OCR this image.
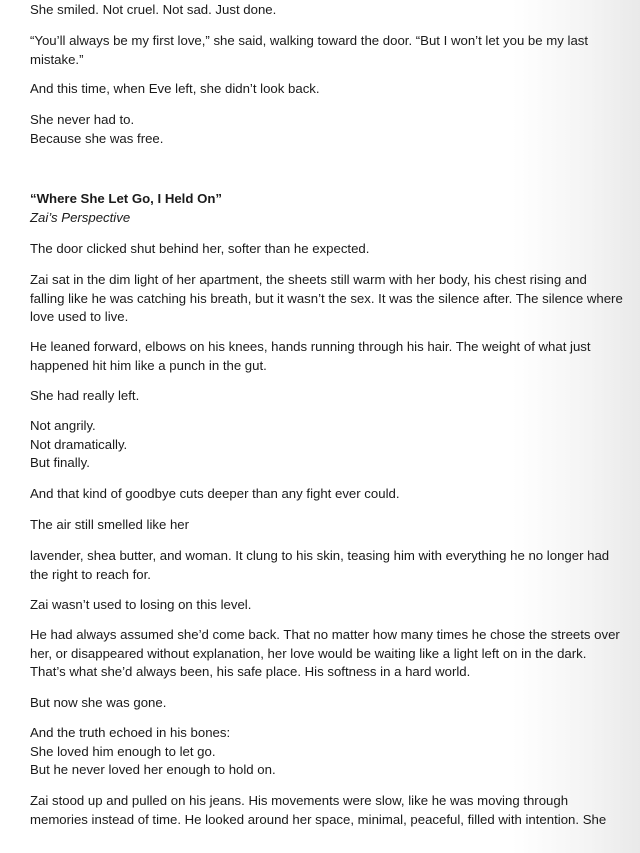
She smiled. Not cruel. Not sad. Just done.
“You’ll always be my first love,” she said, walking toward the door. “But I won’t let you be my last
mistake.”
And this time, when Eve left, she didn’t look back.
She never had to.
Because she was free.
“Where She Let Go, I Held On”
Zai’s Perspective
The door clicked shut behind her, softer than he expected.
Zai sat in the dim light of her apartment, the sheets still warm with her body, his chest rising and
falling like he was catching his breath, but it wasn’t the sex. It was the silence after. The silence where
love used to live.
He leaned forward, elbows on his knees, hands running through his hair. The weight of what just
happened hit him like a punch in the gut.
She had really left.
Not angrily.
Not dramatically.
But finally.
And that kind of goodbye cuts deeper than any fight ever could.
The air still smelled like her
lavender, shea butter, and woman. It clung to his skin, teasing him with everything he no longer had
the right to reach for.
Zai wasn’t used to losing on this level.
He had always assumed she’d come back. That no matter how many times he chose the streets over
her, or disappeared without explanation, her love would be waiting like a light left on in the dark.
That’s what she’d always been, his safe place. His softness in a hard world.
But now she was gone.
And the truth echoed in his bones:
She loved him enough to let go.
But he never loved her enough to hold on.
Zai stood up and pulled on his jeans. His movements were slow, like he was moving through
memories instead of time. He looked around her space, minimal, peaceful, filled with intention. She
